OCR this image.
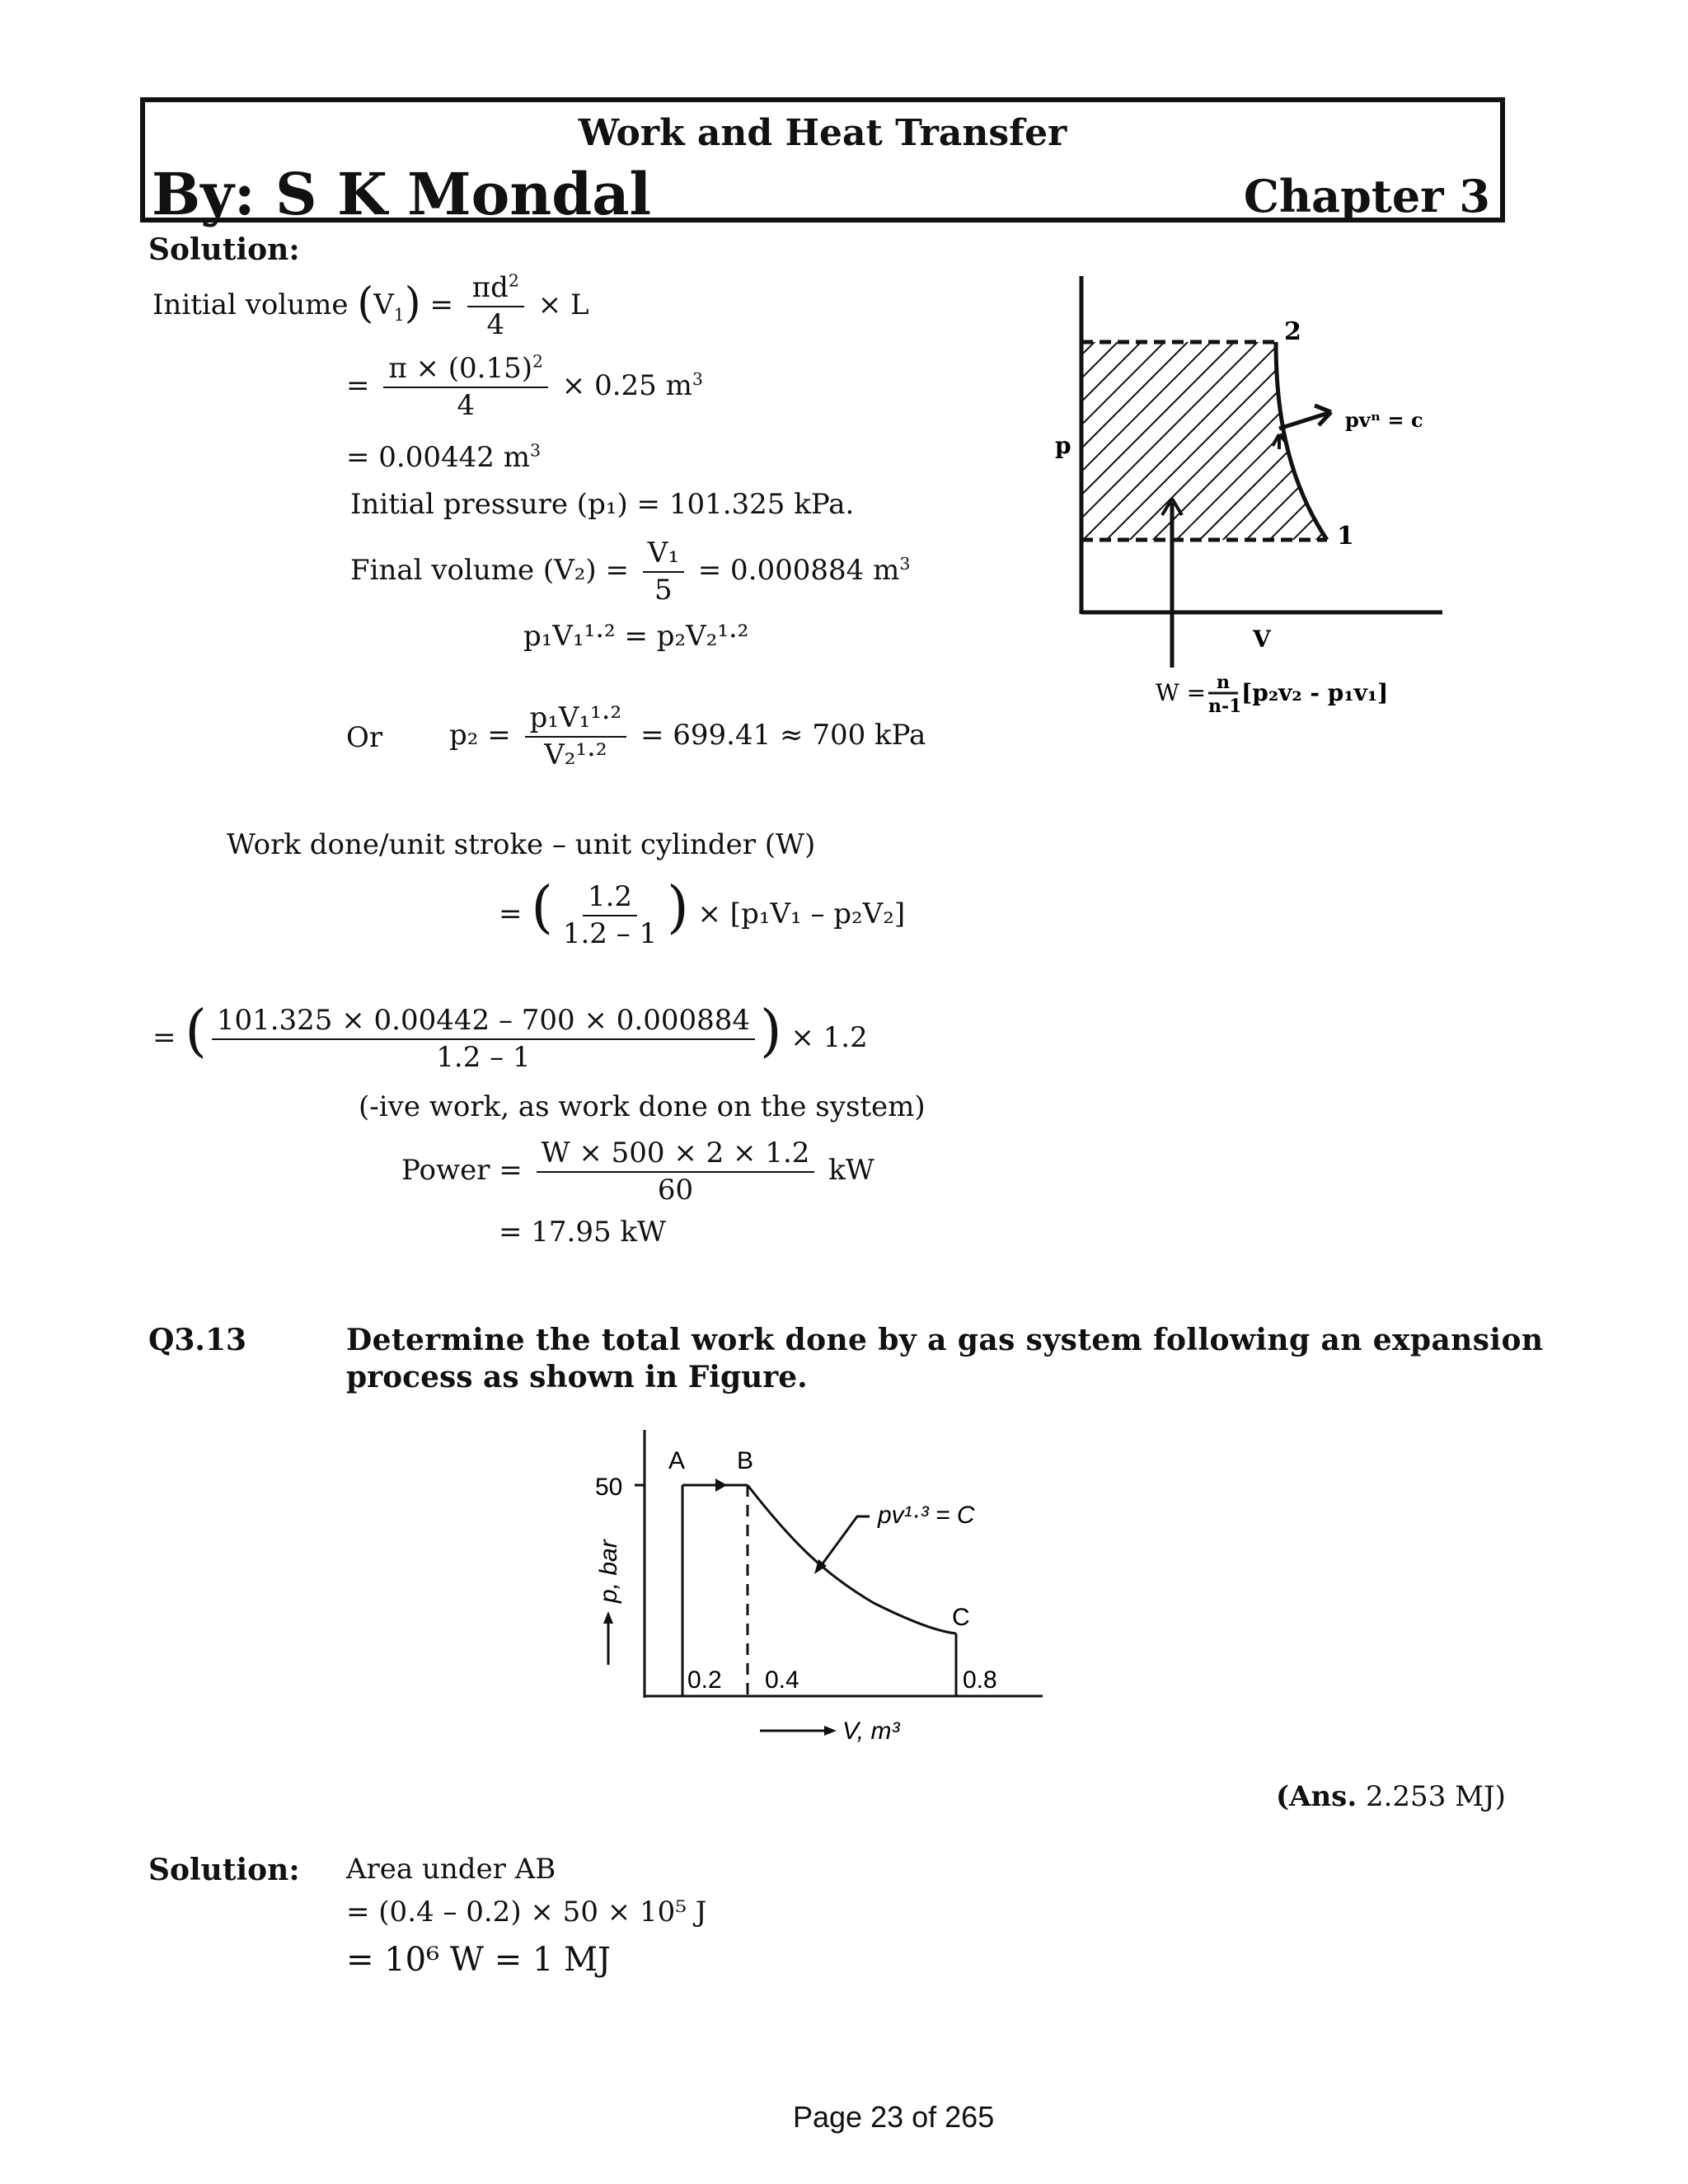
Work and Heat Transfer
By: S K Mondal	Chapter 3
Solution:
Initial volume $(V_1) = \frac{\pi d^2}{4} \times L$
= $\frac{\pi \times (0.15)^2}{4} \times 0.25$ $m^3$
= 0.00442 $m^3$
Initial pressure (p₁) = 101.325 kPa.
Final volume $(V_2) = \frac{\text{V₁}}{5} = 0.000884$ $m^3$
p₁V₁¹·² = p₂V₂¹·²
Or $p_2 = \frac{\text{p₁V₁¹·²}}{\text{V₂¹·²}} = 699.41 \approx 700$ kPa
Work done/unit stroke – unit cylinder (W)
= ( $\frac{1.2}{1.2 - 1}$ ) × [p₁V₁ – p₂V₂]
= ( $\frac{101.325 \times 0.00442 - 700 \times 0.000884}{1.2 - 1}$ ) × 1.2
(-ive work, as work done on the system)
Power = $\frac{W \times 500 \times 2 \times 1.2}{60}$ kW
= 17.95 kW
2
1
p
V
pvⁿ = c
W = n
n-1 [p₂v₂ - p₁v₁]
Q3.13	Determine the total work done by a gas system following an expansion
process as shown in Figure.
50
A B
C
0.2 0.4	0.8
pv¹·³ = C
V, m³
p, bar
(Ans. 2.253 MJ)
Solution: Area under AB
= (0.4 – 0.2) × 50 × 10⁵ J
= 10⁶ W = 1 MJ
Page 23 of 265
